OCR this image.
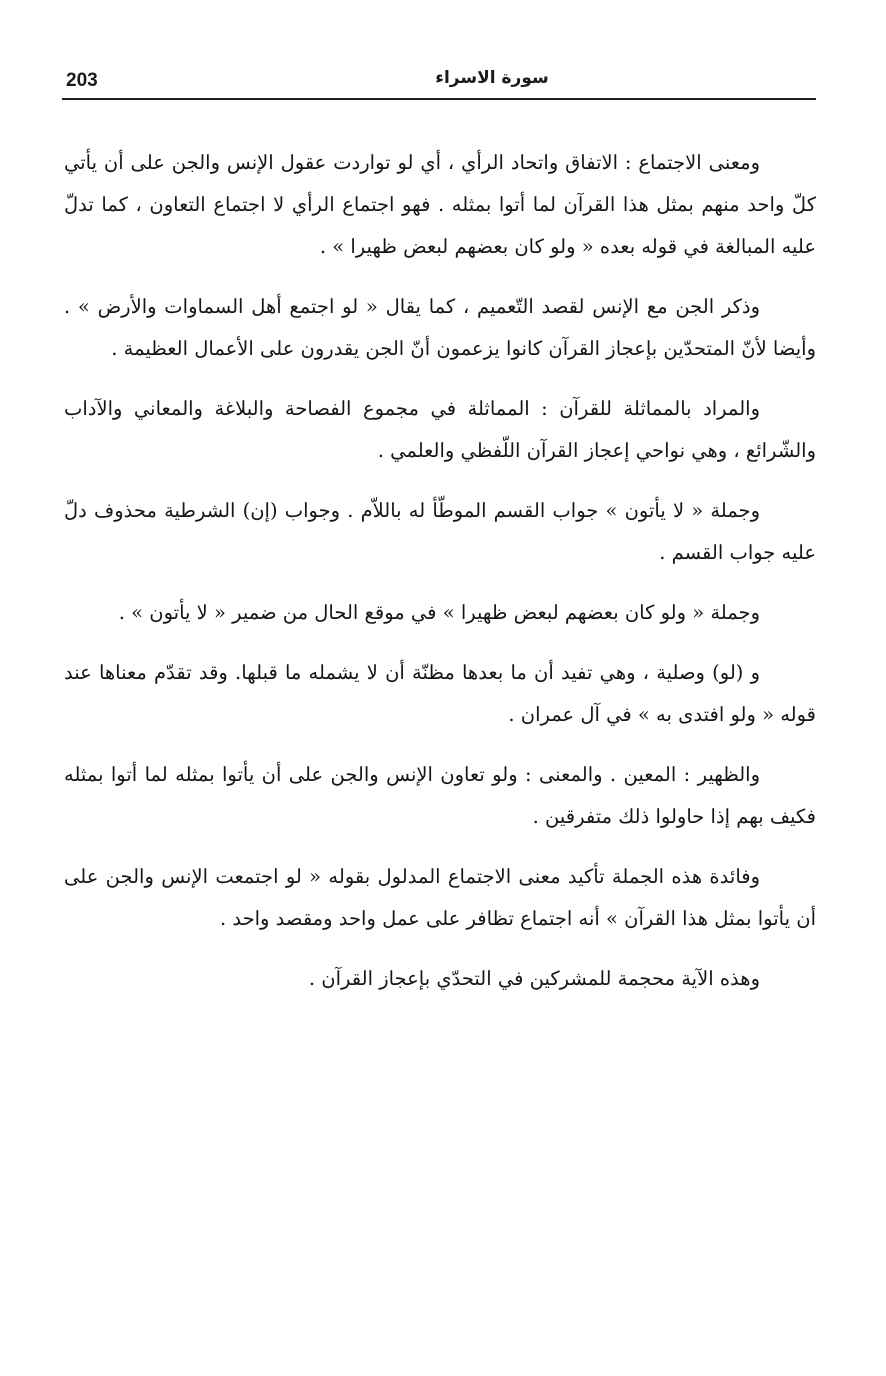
203	سورة الاسراء

ومعنى الاجتماع : الاتفاق واتحاد الرأي ، أي لو تواردت عقول الإنس والجن على أن يأتي كلّ واحد منهم بمثل هذا القرآن لما أتوا بمثله . فهو اجتماع الرأي لا اجتماع التعاون ، كما تدلّ عليه المبالغة في قوله بعده « ولو كان بعضهم لبعض ظهيرا » .

وذكر الجن مع الإنس لقصد التّعميم ، كما يقال « لو اجتمع أهل السماوات والأرض » . وأيضا لأنّ المتحدّين بإعجاز القرآن كانوا يزعمون أنّ الجن يقدرون على الأعمال العظيمة .

والمراد بالمماثلة للقرآن : المماثلة في مجموع الفصاحة والبلاغة والمعاني والآداب والشّرائع ، وهي نواحي إعجاز القرآن اللّفظي والعلمي .

وجملة « لا يأتون » جواب القسم الموطّأ له باللاّم . وجواب (إن) الشرطية محذوف دلّ عليه جواب القسم .

وجملة « ولو كان بعضهم لبعض ظهيرا » في موقع الحال من ضمير « لا يأتون » .

و (لو) وصلية ، وهي تفيد أن ما بعدها مظنّة أن لا يشمله ما قبلها. وقد تقدّم معناها عند قوله « ولو افتدى به » في آل عمران .

والظهير : المعين . والمعنى : ولو تعاون الإنس والجن على أن يأتوا بمثله لما أتوا بمثله فكيف بهم إذا حاولوا ذلك متفرقين .

وفائدة هذه الجملة تأكيد معنى الاجتماع المدلول بقوله « لو اجتمعت الإنس والجن على أن يأتوا بمثل هذا القرآن » أنه اجتماع تظافر على عمل واحد ومقصد واحد .

وهذه الآية محجمة للمشركين في التحدّي بإعجاز القرآن .
